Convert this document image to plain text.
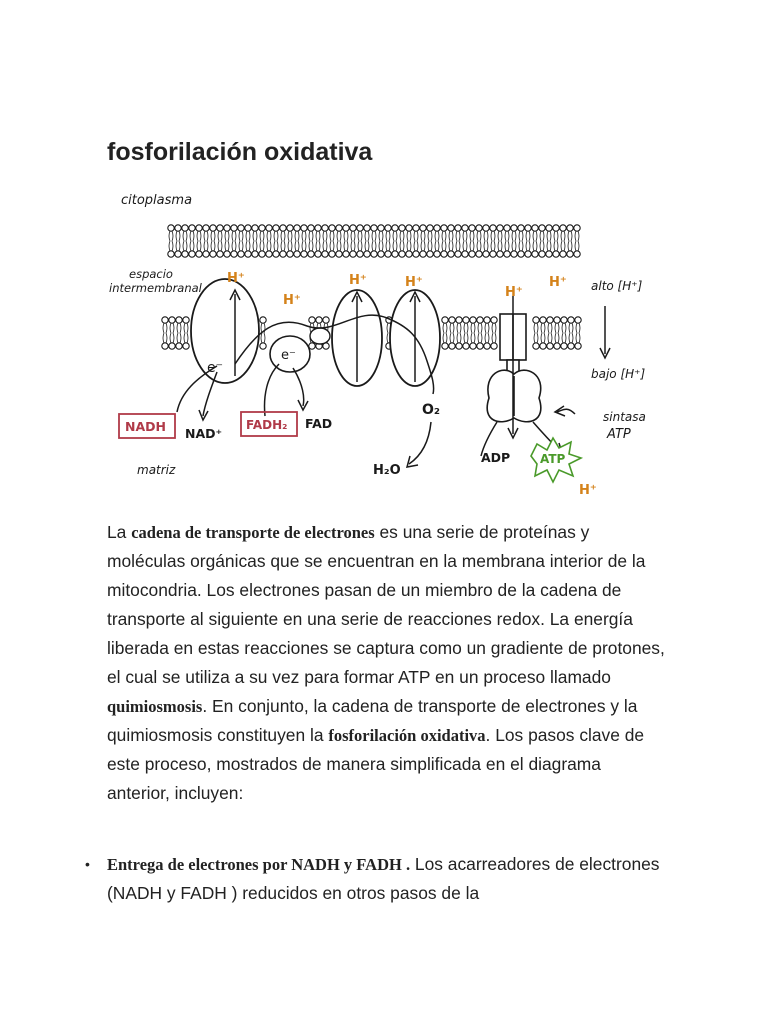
fosforilación oxidativa
citoplasma
espacio
intermembranal
matriz
alto [H⁺]
bajo [H⁺]
sintasa
ATP
H⁺
H⁺
H⁺	H⁺
H⁺
H⁺
H⁺
e⁻
e⁻
NADH NAD⁺
FADH₂ FAD
O₂
H₂O
ADP ATP

La cadena de transporte de electrones es una serie de proteínas y moléculas orgánicas que se encuentran en la membrana interior de la mitocondria. Los electrones pasan de un miembro de la cadena de transporte al siguiente en una serie de reacciones redox. La energía liberada en estas reacciones se captura como un gradiente de protones, el cual se utiliza a su vez para formar ATP en un proceso llamado quimiosmosis. En conjunto, la cadena de transporte de electrones y la quimiosmosis constituyen la fosforilación oxidativa. Los pasos clave de este proceso, mostrados de manera simplificada en el diagrama anterior, incluyen:

• Entrega de electrones por NADH y FADH . Los acarreadores de electrones (NADH y FADH ) reducidos en otros pasos de la
